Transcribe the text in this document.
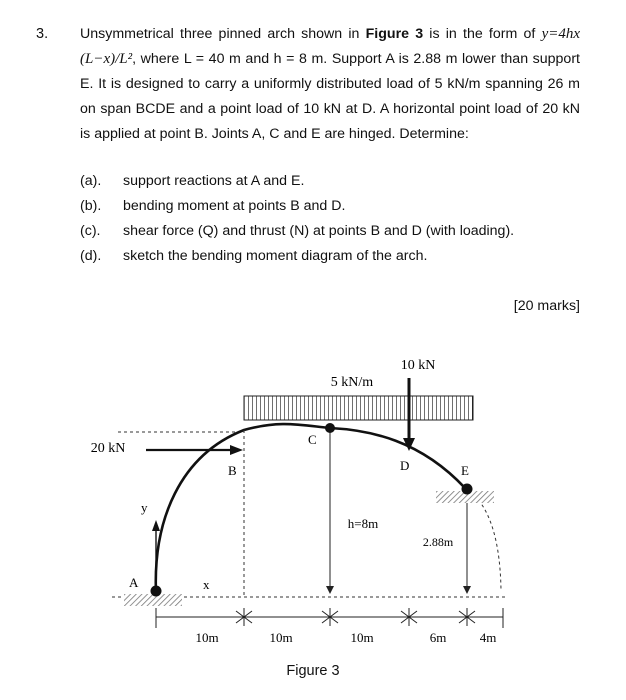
3. Unsymmetrical three pinned arch shown in Figure 3 is in the form of y=4hx (L−x)/L², where L = 40 m and h = 8 m. Support A is 2.88 m lower than support E. It is designed to carry a uniformly distributed load of 5 kN/m spanning 26 m on span BCDE and a point load of 10 kN at D. A horizontal point load of 20 kN is applied at point B. Joints A, C and E are hinged. Determine:

(a).	support reactions at A and E.
(b).	bending moment at points B and D.
(c).	shear force (Q) and thrust (N) at points B and D (with loading).
(d).	sketch the bending moment diagram of the arch.
[20 marks]
5 kN/m
10 kN
20 kN
h=8m
2.88m
y
x
A
C
B	D	E
10m	10m	10m	6m	4m
Figure 3
